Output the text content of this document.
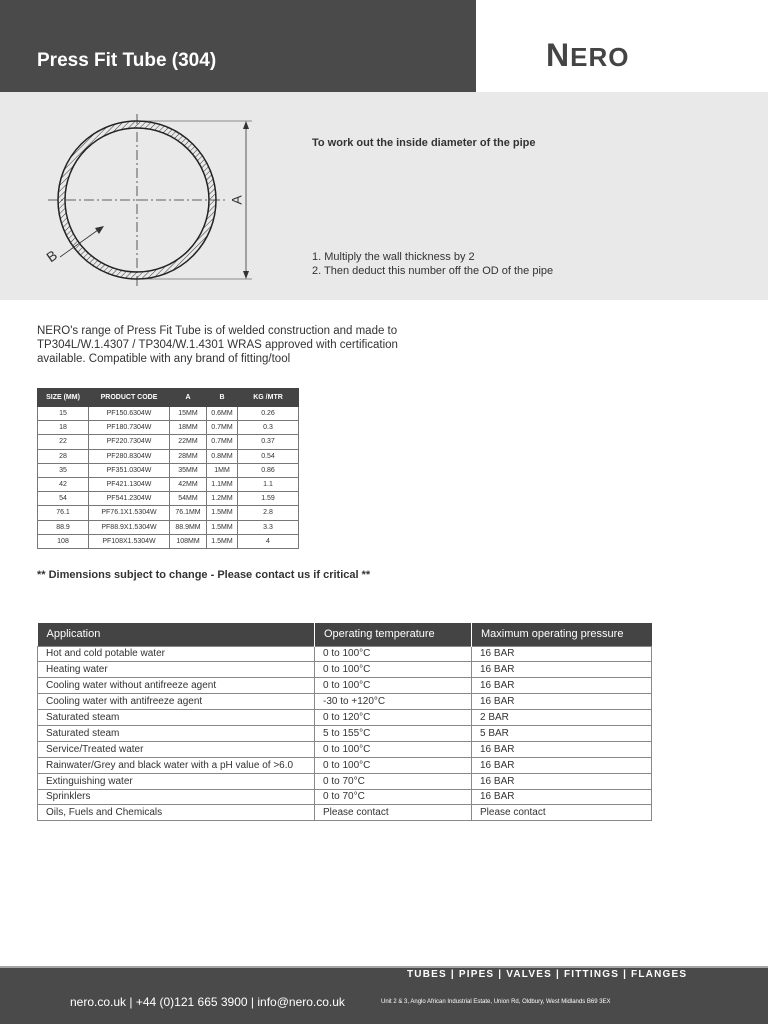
Press Fit Tube (304)	NERO
A
B
To work out the inside diameter of the pipe
1. Multiply the wall thickness by 2
2. Then deduct this number off the OD of the pipe
NERO's range of Press Fit Tube is of welded construction and made to
TP304L/W.1.4307 / TP304/W.1.4301 WRAS approved with certification
available. Compatible with any brand of fitting/tool
SIZE (MM)	PRODUCT CODE	A	B	KG /MTR
15	PF150.6304W	15MM	0.6MM	0.26
18	PF180.7304W	18MM	0.7MM	0.3
22	PF220.7304W	22MM	0.7MM	0.37
28	PF280.8304W	28MM	0.8MM	0.54
35	PF351.0304W	35MM	1MM	0.86
42	PF421.1304W	42MM	1.1MM	1.1
54	PF541.2304W	54MM	1.2MM	1.59
76.1	PF76.1X1.5304W	76.1MM	1.5MM	2.8
88.9	PF88.9X1.5304W	88.9MM	1.5MM	3.3
108	PF108X1.5304W	108MM	1.5MM	4
** Dimensions subject to change - Please contact us if critical **
Application	Operating temperature	Maximum operating pressure
Hot and cold potable water	0 to 100°C	16 BAR
Heating water	0 to 100°C	16 BAR
Cooling water without antifreeze agent	0 to 100°C	16 BAR
Cooling water with antifreeze agent	-30 to +120°C	16 BAR
Saturated steam	0 to 120°C	2 BAR
Saturated steam	5 to 155°C	5 BAR
Service/Treated water	0 to 100°C	16 BAR
Rainwater/Grey and black water with a pH value of >6.0	0 to 100°C	16 BAR
Extinguishing water	0 to 70°C	16 BAR
Sprinklers	0 to 70°C	16 BAR
Oils, Fuels and Chemicals	Please contact	Please contact
TUBES | PIPES | VALVES | FITTINGS | FLANGES
nero.co.uk | +44 (0)121 665 3900 | info@nero.co.uk	Unit 2 & 3, Anglo African Industrial Estate, Union Rd, Oldbury, West Midlands B69 3EX
